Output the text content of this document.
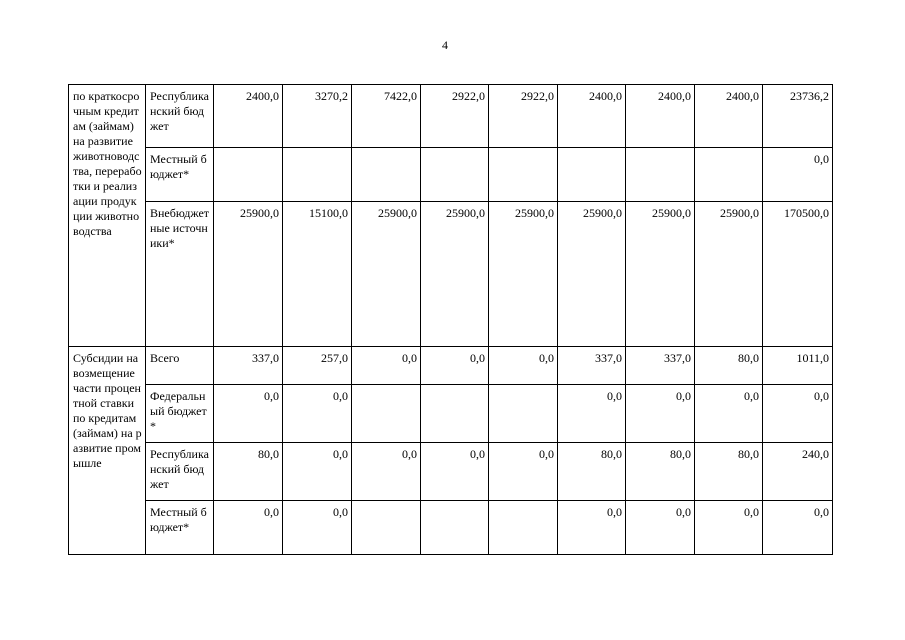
4
по краткосрочным кредитам (займам) на развитие животноводства, переработки и реализации продукции животноводства	Республиканский бюджет	2400,0	3270,2	7422,0	2922,0	2922,0	2400,0	2400,0	2400,0	23736,2
	Местный бюджет*									0,0
	Внебюджетные источники*	25900,0	15100,0	25900,0	25900,0	25900,0	25900,0	25900,0	25900,0	170500,0
Субсидии на возмещение части процентной ставки по кредитам (займам) на развитие промышле	Всего	337,0	257,0	0,0	0,0	0,0	337,0	337,0	80,0	1011,0
	Федеральный бюджет *	0,0	0,0				0,0	0,0	0,0	0,0
	Республиканский бюджет	80,0	0,0	0,0	0,0	0,0	80,0	80,0	80,0	240,0
	Местный бюджет*	0,0	0,0				0,0	0,0	0,0	0,0
